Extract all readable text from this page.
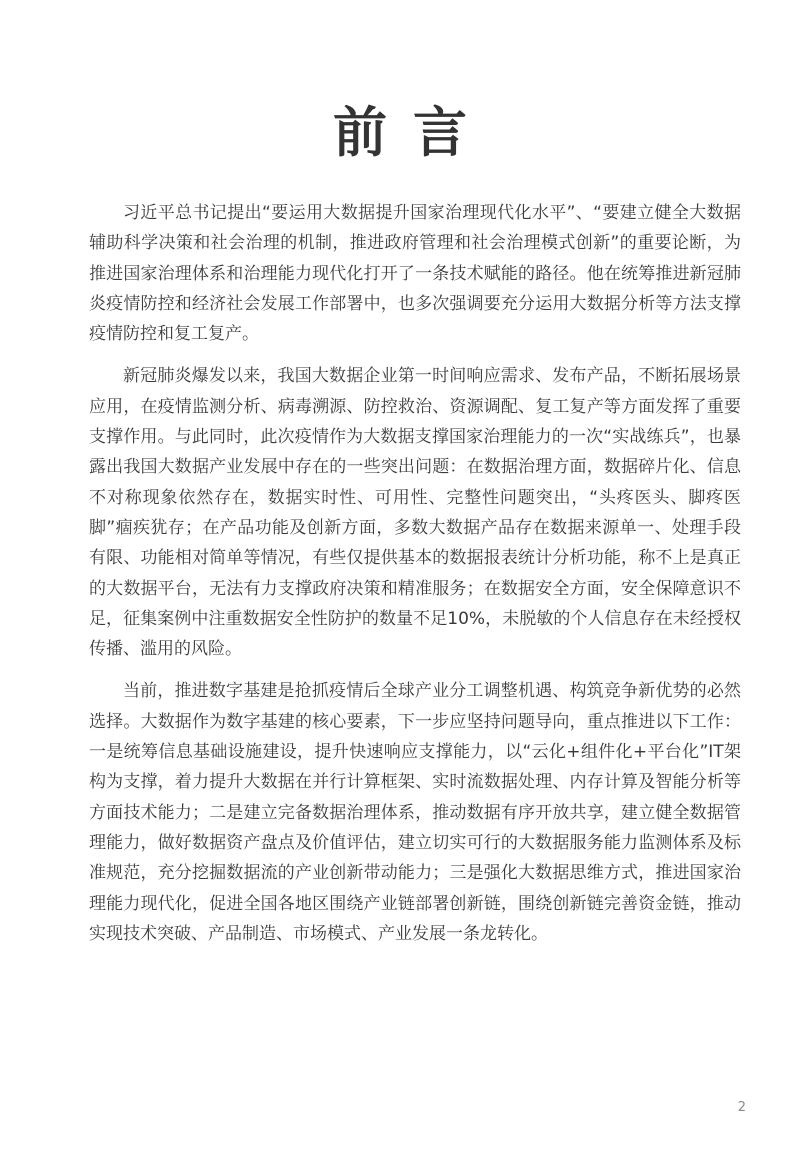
前言

习近平总书记提出“要运用大数据提升国家治理现代化水平”、“要建立健全大数据辅助科学决策和社会治理的机制，推进政府管理和社会治理模式创新”的重要论断，为推进国家治理体系和治理能力现代化打开了一条技术赋能的路径。他在统筹推进新冠肺炎疫情防控和经济社会发展工作部署中，也多次强调要充分运用大数据分析等方法支撑疫情防控和复工复产。

新冠肺炎爆发以来，我国大数据企业第一时间响应需求、发布产品，不断拓展场景应用，在疫情监测分析、病毒溯源、防控救治、资源调配、复工复产等方面发挥了重要支撑作用。与此同时，此次疫情作为大数据支撑国家治理能力的一次“实战练兵”，也暴露出我国大数据产业发展中存在的一些突出问题：在数据治理方面，数据碎片化、信息不对称现象依然存在，数据实时性、可用性、完整性问题突出，“头疼医头、脚疼医脚”痼疾犹存；在产品功能及创新方面，多数大数据产品存在数据来源单一、处理手段有限、功能相对简单等情况，有些仅提供基本的数据报表统计分析功能，称不上是真正的大数据平台，无法有力支撑政府决策和精准服务；在数据安全方面，安全保障意识不足，征集案例中注重数据安全性防护的数量不足10%，未脱敏的个人信息存在未经授权传播、滥用的风险。

当前，推进数字基建是抢抓疫情后全球产业分工调整机遇、构筑竞争新优势的必然选择。大数据作为数字基建的核心要素，下一步应坚持问题导向，重点推进以下工作：一是统筹信息基础设施建设，提升快速响应支撑能力，以“云化+组件化+平台化”IT架构为支撑，着力提升大数据在并行计算框架、实时流数据处理、内存计算及智能分析等方面技术能力；二是建立完备数据治理体系，推动数据有序开放共享，建立健全数据管理能力，做好数据资产盘点及价值评估，建立切实可行的大数据服务能力监测体系及标准规范，充分挖掘数据流的产业创新带动能力；三是强化大数据思维方式，推进国家治理能力现代化，促进全国各地区围绕产业链部署创新链，围绕创新链完善资金链，推动实现技术突破、产品制造、市场模式、产业发展一条龙转化。

2
